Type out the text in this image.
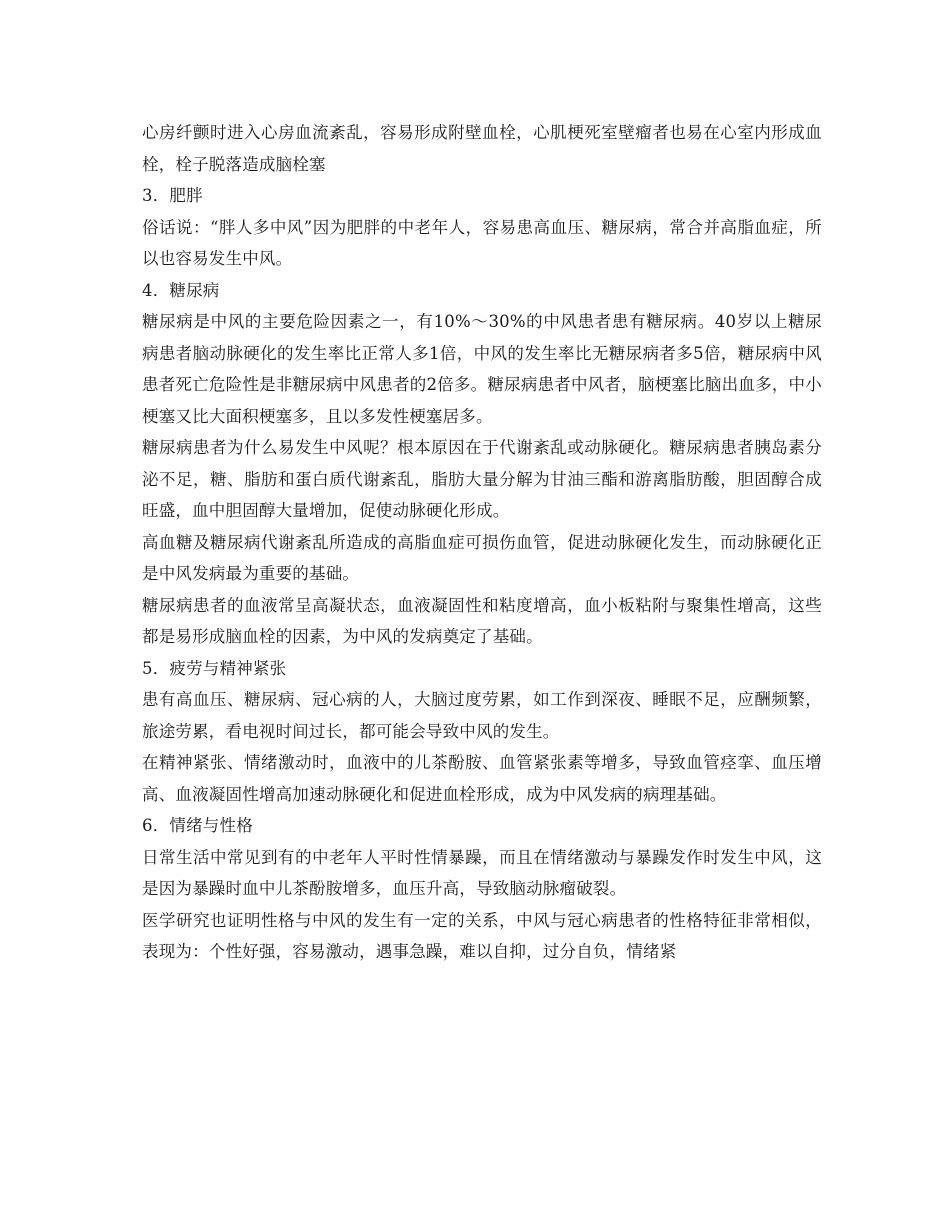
心房纤颤时进入心房血流紊乱，容易形成附壁血栓，心肌梗死室壁瘤者也易在心室内形成血栓，栓子脱落造成脑栓塞

3．肥胖

俗话说：“胖人多中风”因为肥胖的中老年人，容易患高血压、糖尿病，常合并高脂血症，所以也容易发生中风。

4．糖尿病

糖尿病是中风的主要危险因素之一，有10%～30%的中风患者患有糖尿病。40岁以上糖尿病患者脑动脉硬化的发生率比正常人多1倍，中风的发生率比无糖尿病者多5倍，糖尿病中风患者死亡危险性是非糖尿病中风患者的2倍多。糖尿病患者中风者，脑梗塞比脑出血多，中小梗塞又比大面积梗塞多，且以多发性梗塞居多。

糖尿病患者为什么易发生中风呢？根本原因在于代谢紊乱或动脉硬化。糖尿病患者胰岛素分泌不足，糖、脂肪和蛋白质代谢紊乱，脂肪大量分解为甘油三酯和游离脂肪酸，胆固醇合成旺盛，血中胆固醇大量增加，促使动脉硬化形成。

高血糖及糖尿病代谢紊乱所造成的高脂血症可损伤血管，促进动脉硬化发生，而动脉硬化正是中风发病最为重要的基础。

糖尿病患者的血液常呈高凝状态，血液凝固性和粘度增高，血小板粘附与聚集性增高，这些都是易形成脑血栓的因素，为中风的发病奠定了基础。

5．疲劳与精神紧张

患有高血压、糖尿病、冠心病的人，大脑过度劳累，如工作到深夜、睡眠不足，应酬频繁，旅途劳累，看电视时间过长，都可能会导致中风的发生。

在精神紧张、情绪激动时，血液中的儿茶酚胺、血管紧张素等增多，导致血管痉挛、血压增高、血液凝固性增高加速动脉硬化和促进血栓形成，成为中风发病的病理基础。

6．情绪与性格

日常生活中常见到有的中老年人平时性情暴躁，而且在情绪激动与暴躁发作时发生中风，这是因为暴躁时血中儿茶酚胺增多，血压升高，导致脑动脉瘤破裂。

医学研究也证明性格与中风的发生有一定的关系，中风与冠心病患者的性格特征非常相似，表现为：个性好强，容易激动，遇事急躁，难以自抑，过分自负，情绪紧
